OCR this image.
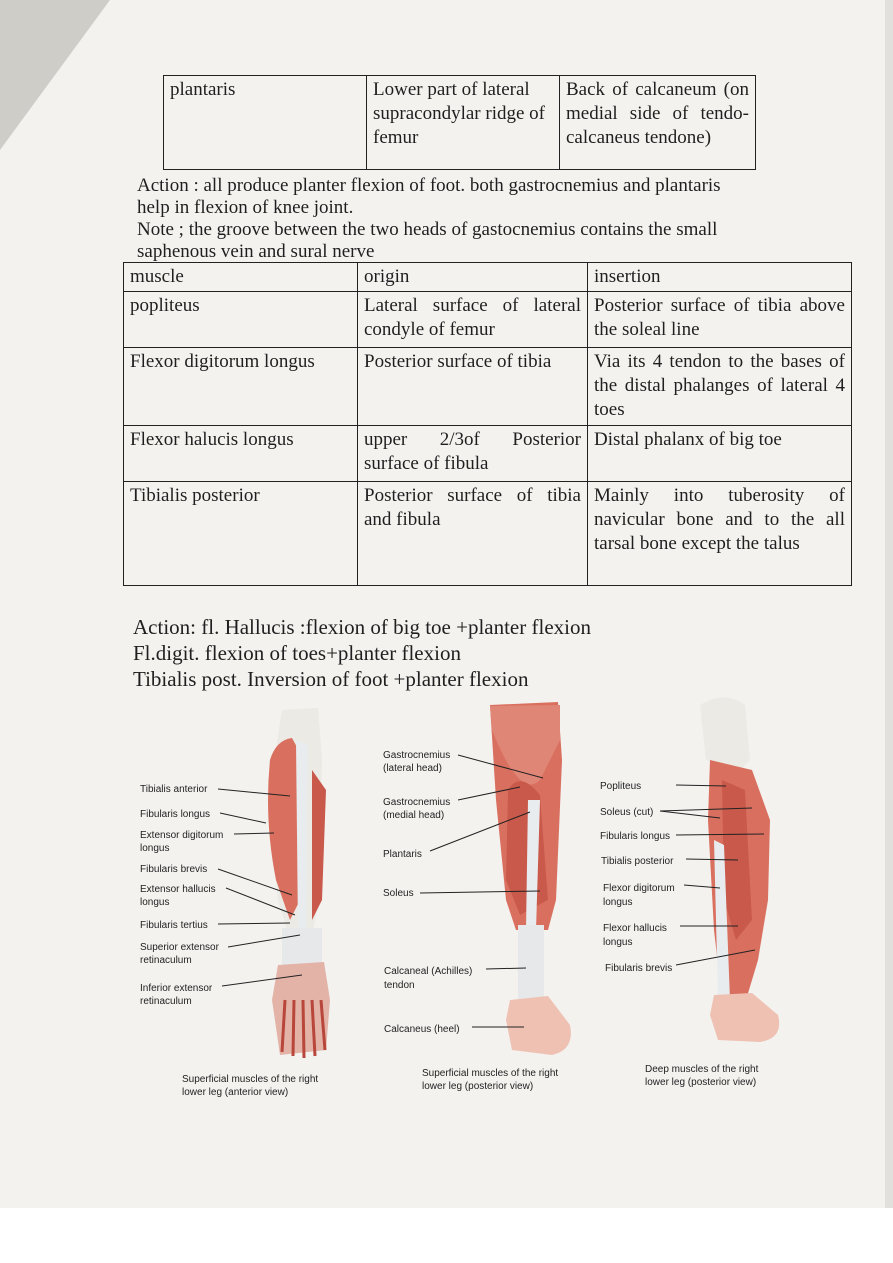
plantaris	Lower part of lateral supracondylar ridge of femur	Back of calcaneum (on medial side of tendo- calcaneus tendone)
Action : all produce planter flexion of foot. both gastrocnemius and plantaris help in flexion of knee joint.
Note ; the groove between the two heads of gastocnemius contains the small saphenous vein and sural nerve
muscle	origin	insertion
popliteus	Lateral surface of lateral condyle of femur	Posterior surface of tibia above the soleal line
Flexor digitorum longus	Posterior surface of tibia	Via its 4 tendon to the bases of the distal phalanges of lateral 4 toes
Flexor halucis longus	upper 2/3of Posterior surface of fibula	Distal phalanx of big toe
Tibialis posterior	Posterior surface of tibia and fibula	Mainly into tuberosity of navicular bone and to the all tarsal bone except the talus
Action: fl. Hallucis :flexion of big toe +planter flexion
Fl.digit. flexion of toes+planter flexion
Tibialis post. Inversion of foot +planter flexion
Tibialis anterior
Fibularis longus
Extensor digitorum
longus
Fibularis brevis
Extensor hallucis
longus
Fibularis tertius
Superior extensor
retinaculum
Inferior extensor
retinaculum
Superficial muscles of the right
lower leg (anterior view)
Gastrocnemius
(lateral head)
Gastrocnemius
(medial head)
Plantaris
Soleus
Calcaneal (Achilles)
tendon
Calcaneus (heel)
Superficial muscles of the right
lower leg (posterior view)
Popliteus
Soleus (cut)
Fibularis longus
Tibialis posterior
Flexor digitorum
longus
Flexor hallucis
longus
Fibularis brevis
Deep muscles of the right
lower leg (posterior view)
